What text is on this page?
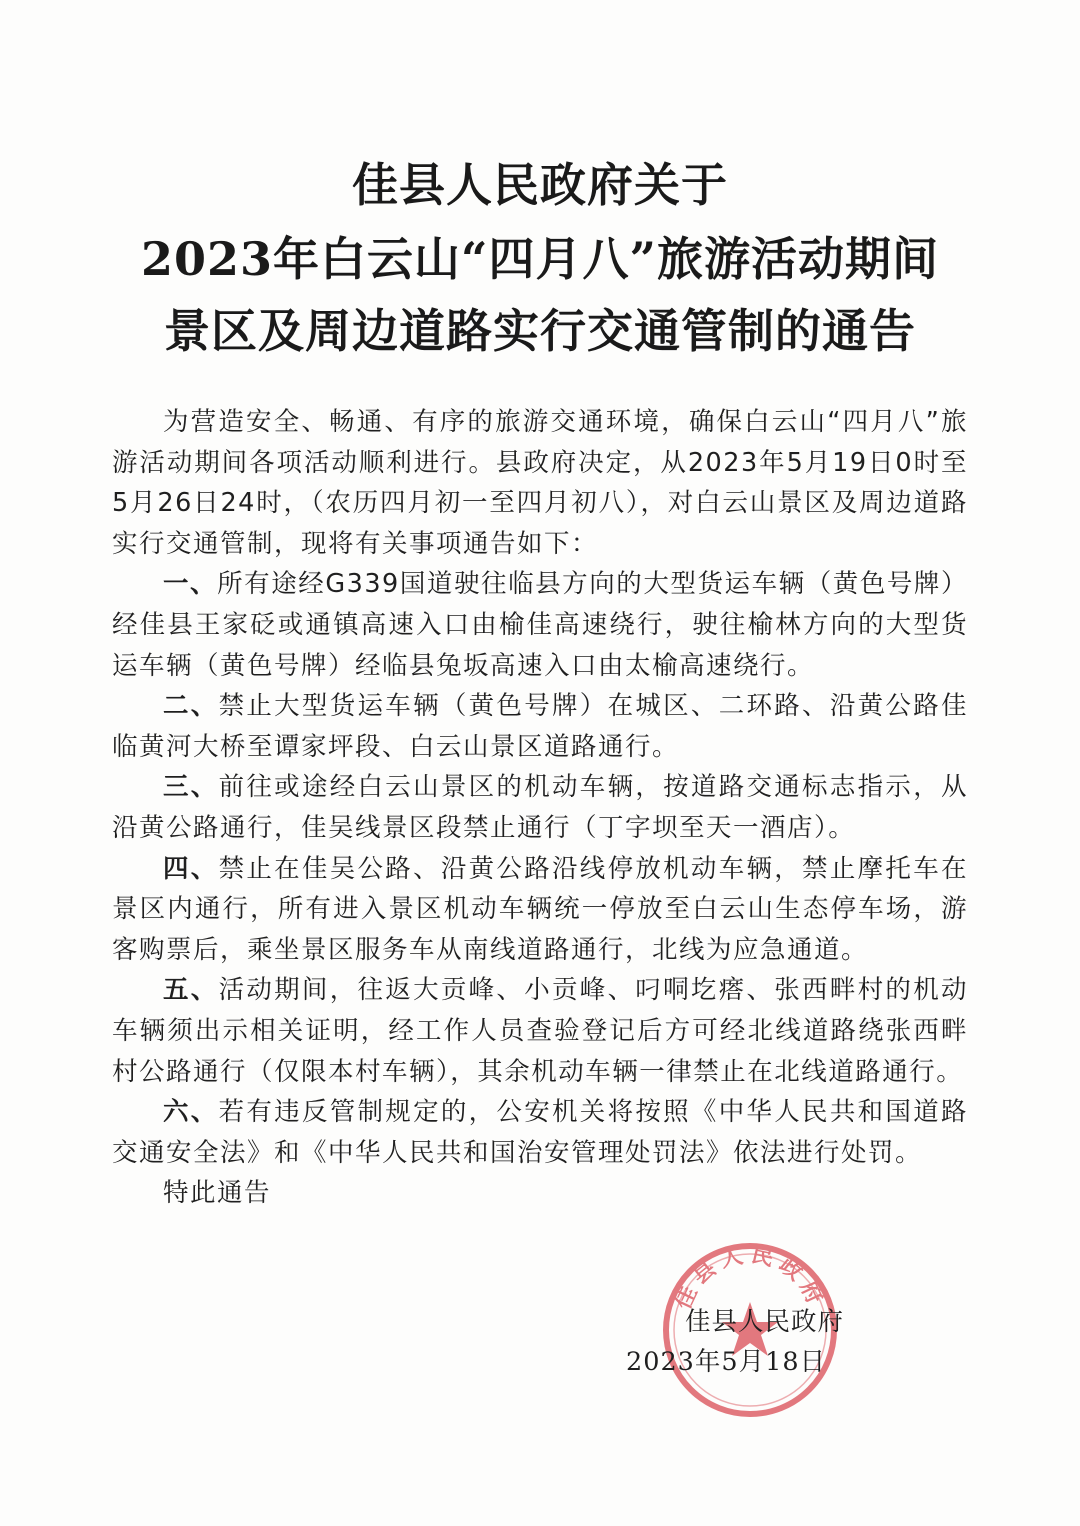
佳县人民政府关于
2023年白云山“四月八”旅游活动期间
景区及周边道路实行交通管制的通告

为营造安全、畅通、有序的旅游交通环境，确保白云山“四月八”旅游活动期间各项活动顺利进行。县政府决定，从2023年5月19日0时至5月26日24时，（农历四月初一至四月初八），对白云山景区及周边道路实行交通管制，现将有关事项通告如下：

一、所有途经G339国道驶往临县方向的大型货运车辆（黄色号牌）经佳县王家砭或通镇高速入口由榆佳高速绕行，驶往榆林方向的大型货运车辆（黄色号牌）经临县兔坂高速入口由太榆高速绕行。

二、禁止大型货运车辆（黄色号牌）在城区、二环路、沿黄公路佳临黄河大桥至谭家坪段、白云山景区道路通行。

三、前往或途经白云山景区的机动车辆，按道路交通标志指示，从沿黄公路通行，佳吴线景区段禁止通行（丁字坝至天一酒店）。

四、禁止在佳吴公路、沿黄公路沿线停放机动车辆，禁止摩托车在景区内通行，所有进入景区机动车辆统一停放至白云山生态停车场，游客购票后，乘坐景区服务车从南线道路通行，北线为应急通道。

五、活动期间，往返大贡峰、小贡峰、叼哃圪瘩、张西畔村的机动车辆须出示相关证明，经工作人员查验登记后方可经北线道路绕张西畔村公路通行（仅限本村车辆），其余机动车辆一律禁止在北线道路通行。

六、若有违反管制规定的，公安机关将按照《中华人民共和国道路交通安全法》和《中华人民共和国治安管理处罚法》依法进行处罚。

特此通告

佳县人民政府
佳县人民政府
2023年5月18日
